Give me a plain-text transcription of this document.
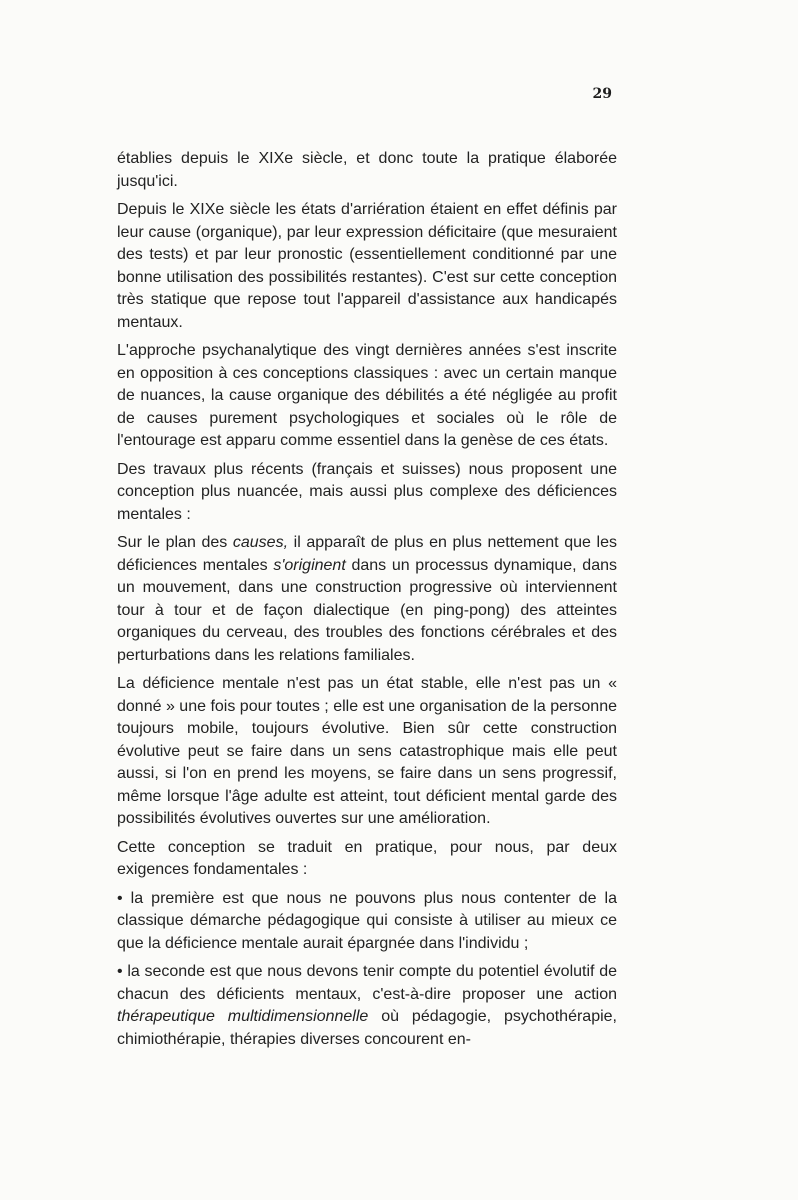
29

établies depuis le XIXe siècle, et donc toute la pratique élaborée jusqu'ici.

Depuis le XIXe siècle les états d'arriération étaient en effet définis par leur cause (organique), par leur expression déficitaire (que mesuraient des tests) et par leur pronostic (essentiellement conditionné par une bonne utilisation des possibilités restantes). C'est sur cette conception très statique que repose tout l'appareil d'assistance aux handicapés mentaux.

L'approche psychanalytique des vingt dernières années s'est inscrite en opposition à ces conceptions classiques : avec un certain manque de nuances, la cause organique des débilités a été négligée au profit de causes purement psychologiques et sociales où le rôle de l'entourage est apparu comme essentiel dans la genèse de ces états.

Des travaux plus récents (français et suisses) nous proposent une conception plus nuancée, mais aussi plus complexe des déficiences mentales :

Sur le plan des causes, il apparaît de plus en plus nettement que les déficiences mentales s'originent dans un processus dynamique, dans un mouvement, dans une construction progressive où interviennent tour à tour et de façon dialectique (en ping-pong) des atteintes organiques du cerveau, des troubles des fonctions cérébrales et des perturbations dans les relations familiales.

La déficience mentale n'est pas un état stable, elle n'est pas un « donné » une fois pour toutes ; elle est une organisation de la personne toujours mobile, toujours évolutive. Bien sûr cette construction évolutive peut se faire dans un sens catastrophique mais elle peut aussi, si l'on en prend les moyens, se faire dans un sens progressif, même lorsque l'âge adulte est atteint, tout déficient mental garde des possibilités évolutives ouvertes sur une amélioration.

Cette conception se traduit en pratique, pour nous, par deux exigences fondamentales :

• la première est que nous ne pouvons plus nous contenter de la classique démarche pédagogique qui consiste à utiliser au mieux ce que la déficience mentale aurait épargnée dans l'individu ;

• la seconde est que nous devons tenir compte du potentiel évolutif de chacun des déficients mentaux, c'est-à-dire proposer une action thérapeutique multidimensionnelle où pédagogie, psychothérapie, chimiothérapie, thérapies diverses concourent en-
